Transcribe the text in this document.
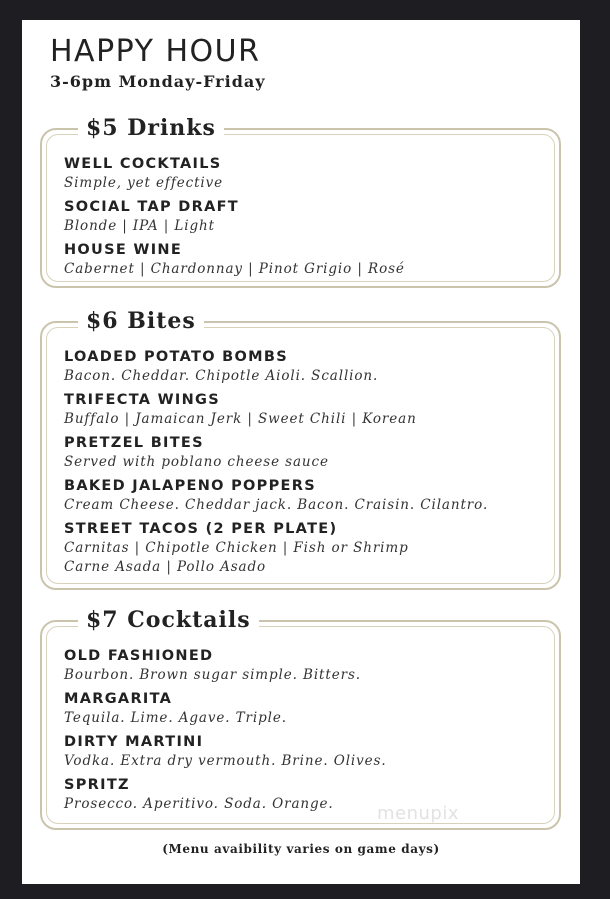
HAPPY HOUR
3-6pm Monday-Friday
$5 Drinks
WELL COCKTAILS
Simple, yet effective
SOCIAL TAP DRAFT
Blonde | IPA | Light
HOUSE WINE
Cabernet | Chardonnay | Pinot Grigio | Rosé
$6 Bites
LOADED POTATO BOMBS
Bacon. Cheddar. Chipotle Aioli. Scallion.
TRIFECTA WINGS
Buffalo | Jamaican Jerk | Sweet Chili | Korean
PRETZEL BITES
Served with poblano cheese sauce
BAKED JALAPENO POPPERS
Cream Cheese. Cheddar jack. Bacon. Craisin. Cilantro.
STREET TACOS (2 PER PLATE)
Carnitas | Chipotle Chicken | Fish or Shrimp
Carne Asada | Pollo Asado
$7 Cocktails
OLD FASHIONED
Bourbon. Brown sugar simple. Bitters.
MARGARITA
Tequila. Lime. Agave. Triple.
DIRTY MARTINI
Vodka. Extra dry vermouth. Brine. Olives.
SPRITZ
Prosecco. Aperitivo. Soda. Orange.	menupix
(Menu avaibility varies on game days)
